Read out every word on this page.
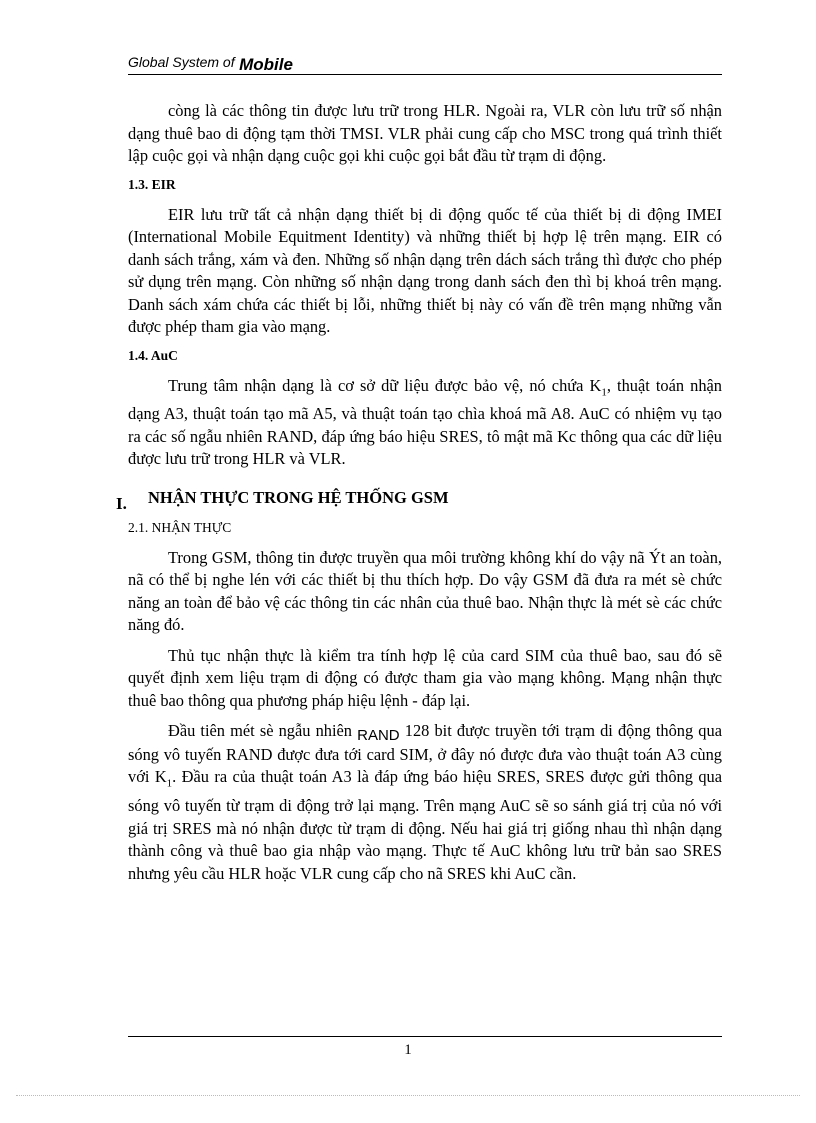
Global System of Mobile

còng là các thông tin được lưu trữ trong HLR. Ngoài ra, VLR còn lưu trữ số nhận dạng thuê bao di động tạm thời TMSI. VLR phải cung cấp cho MSC trong quá trình thiết lập cuộc gọi và nhận dạng cuộc gọi khi cuộc gọi bắt đầu từ trạm di động.

1.3. EIR

EIR lưu trữ tất cả nhận dạng thiết bị di động quốc tế của thiết bị di động IMEI (International Mobile Equitment Identity) và những thiết bị hợp lệ trên mạng. EIR có danh sách trắng, xám và đen. Những số nhận dạng trên dách sách trắng thì được cho phép sử dụng trên mạng. Còn những số nhận dạng trong danh sách đen thì bị khoá trên mạng. Danh sách xám chứa các thiết bị lỗi, những thiết bị này có vấn đề trên mạng những vẫn được phép tham gia vào mạng.

1.4. AuC

Trung tâm nhận dạng là cơ sở dữ liệu được bảo vệ, nó chứa $K_1$, thuật toán nhận dạng A3, thuật toán tạo mã A5, và thuật toán tạo chìa khoá mã A8. AuC có nhiệm vụ tạo ra các số ngẫu nhiên RAND, đáp ứng báo hiệu SRES, tô mật mã Kc thông qua các dữ liệu được lưu trữ trong HLR và VLR.

I. NHẬN THỰC TRONG HỆ THỐNG GSM
2.1. NHẬN THỰC

Trong GSM, thông tin được truyền qua môi trường không khí do vậy nã Ýt an toàn, nã có thể bị nghe lén với các thiết bị thu thích hợp. Do vậy GSM đã đưa ra mét sè chức năng an toàn để bảo vệ các thông tin các nhân của thuê bao. Nhận thực là mét sè các chức năng đó.

Thủ tục nhận thực là kiểm tra tính hợp lệ của card SIM của thuê bao, sau đó sẽ quyết định xem liệu trạm di động có được tham gia vào mạng không. Mạng nhận thực thuê bao thông qua phương pháp hiệu lệnh - đáp lại.

Đầu tiên mét sè ngẫu nhiên RAND 128 bit được truyền tới trạm di động thông qua sóng vô tuyến RAND được đưa tới card SIM, ở đây nó được đưa vào thuật toán A3 cùng với $K_1$. Đầu ra của thuật toán A3 là đáp ứng báo hiệu SRES, SRES được gửi thông qua sóng vô tuyến từ trạm di động trở lại mạng. Trên mạng AuC sẽ so sánh giá trị của nó với giá trị SRES mà nó nhận được từ trạm di động. Nếu hai giá trị giống nhau thì nhận dạng thành công và thuê bao gia nhập vào mạng. Thực tế AuC không lưu trữ bản sao SRES nhưng yêu cầu HLR hoặc VLR cung cấp cho nã SRES khi AuC cần.

1
